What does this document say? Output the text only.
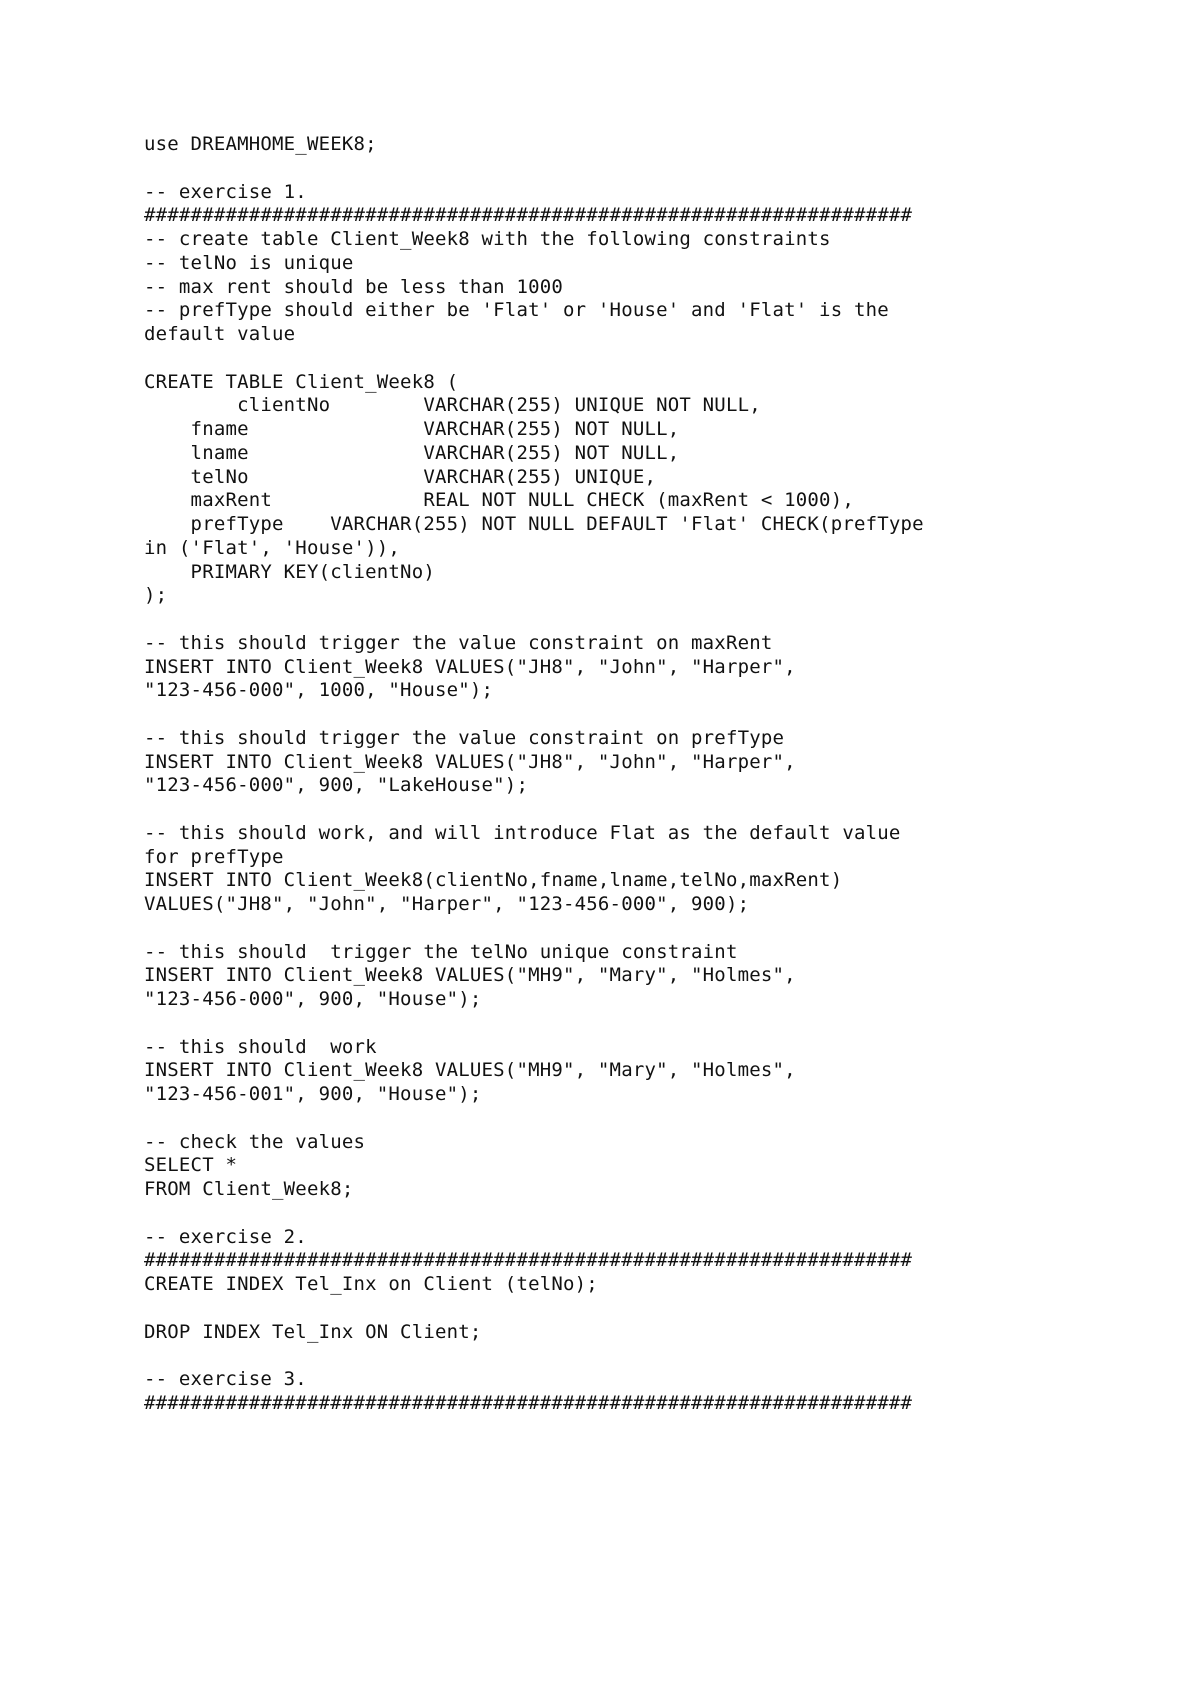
use DREAMHOME_WEEK8;
-- exercise 1.
##################################################################
-- create table Client_Week8 with the following constraints
-- telNo is unique
-- max rent should be less than 1000
-- prefType should either be 'Flat' or 'House' and 'Flat' is the
default value
CREATE TABLE Client_Week8 (
clientNo        VARCHAR(255) UNIQUE NOT NULL,
fname               VARCHAR(255) NOT NULL,
lname               VARCHAR(255) NOT NULL,
telNo               VARCHAR(255) UNIQUE,
maxRent             REAL NOT NULL CHECK (maxRent < 1000),
prefType    VARCHAR(255) NOT NULL DEFAULT 'Flat' CHECK(prefType
in ('Flat', 'House')),
PRIMARY KEY(clientNo)
);
-- this should trigger the value constraint on maxRent
INSERT INTO Client_Week8 VALUES("JH8", "John", "Harper",
"123-456-000", 1000, "House");
-- this should trigger the value constraint on prefType
INSERT INTO Client_Week8 VALUES("JH8", "John", "Harper",
"123-456-000", 900, "LakeHouse");
-- this should work, and will introduce Flat as the default value
for prefType
INSERT INTO Client_Week8(clientNo,fname,lname,telNo,maxRent)
VALUES("JH8", "John", "Harper", "123-456-000", 900);
-- this should  trigger the telNo unique constraint
INSERT INTO Client_Week8 VALUES("MH9", "Mary", "Holmes",
"123-456-000", 900, "House");
-- this should  work
INSERT INTO Client_Week8 VALUES("MH9", "Mary", "Holmes",
"123-456-001", 900, "House");
-- check the values
SELECT *
FROM Client_Week8;
-- exercise 2.
##################################################################
CREATE INDEX Tel_Inx on Client (telNo);
DROP INDEX Tel_Inx ON Client;
-- exercise 3.
##################################################################
